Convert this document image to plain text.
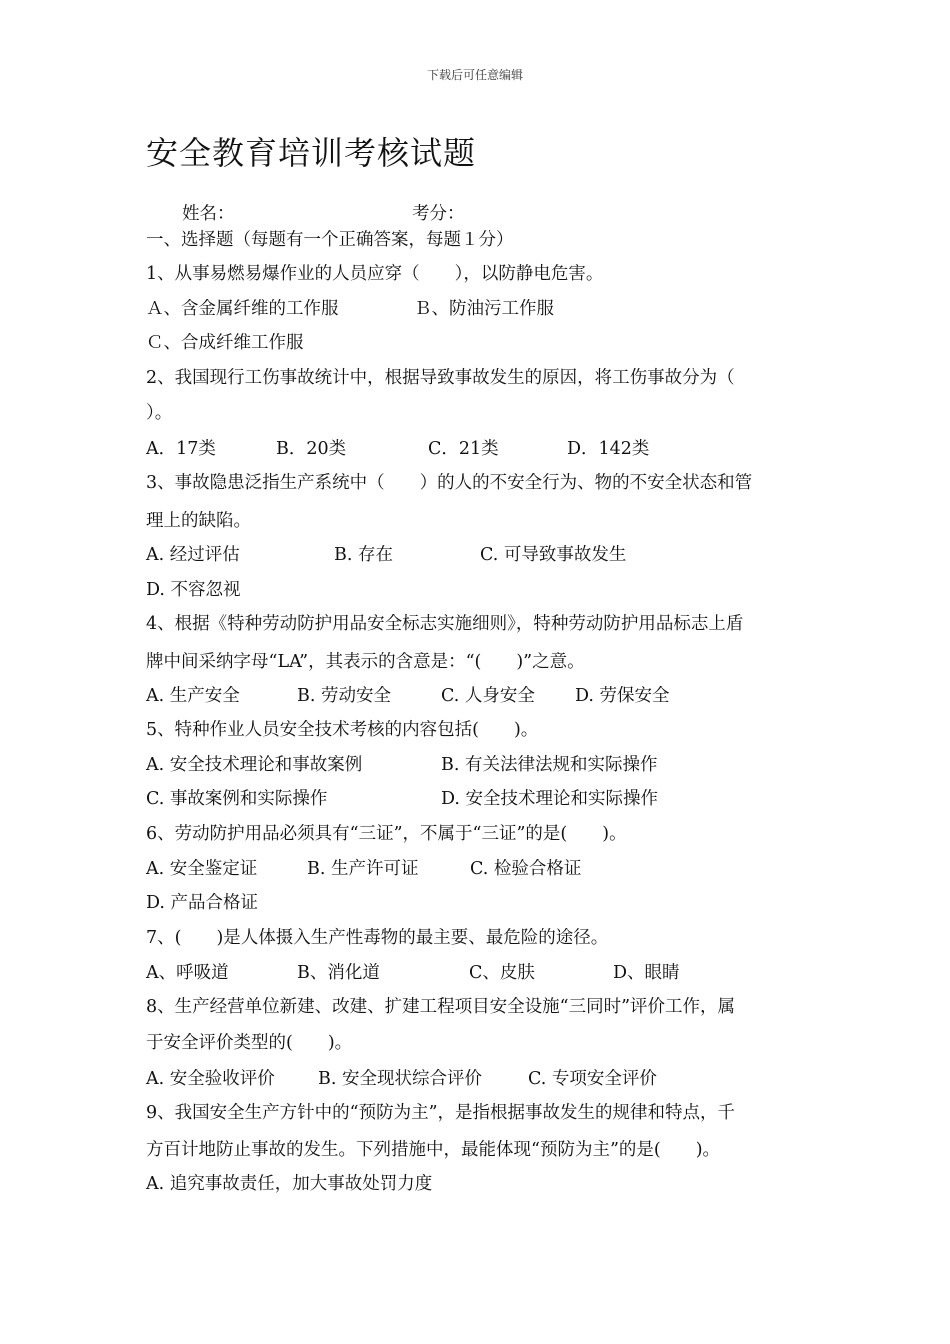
下载后可任意编辑
安全教育培训考核试题
姓名：	考分：
一、选择题（每题有一个正确答案，每题１分）
1、从事易燃易爆作业的人员应穿（　　），以防静电危害。
Ａ、含金属纤维的工作服	Ｂ、防油污工作服
Ｃ、合成纤维工作服
2、我国现行工伤事故统计中，根据导致事故发生的原因，将工伤事故分为（
）。
A．17类	B．20类	C．21类	D．142类
3、事故隐患泛指生产系统中（　　）的人的不安全行为、物的不安全状态和管
理上的缺陷。
A. 经过评估	B. 存在	C. 可导致事故发生
D. 不容忽视
4、根据《特种劳动防护用品安全标志实施细则》，特种劳动防护用品标志上盾
牌中间采纳字母“LA”，其表示的含意是：“(　　)”之意。
A. 生产安全	B. 劳动安全	C. 人身安全 D. 劳保安全
5、特种作业人员安全技术考核的内容包括(　　)。
A. 安全技术理论和事故案例	B. 有关法律法规和实际操作
C. 事故案例和实际操作	D. 安全技术理论和实际操作
6、劳动防护用品必须具有“三证”，不属于“三证”的是(　　)。
A. 安全鉴定证	B. 生产许可证	C. 检验合格证
D. 产品合格证
7、(　　)是人体摄入生产性毒物的最主要、最危险的途径。
A、呼吸道	B、消化道	C、皮肤	D、眼睛
8、生产经营单位新建、改建、扩建工程项目安全设施“三同时”评价工作，属
于安全评价类型的(　　)。
A. 安全验收评价 B. 安全现状综合评价	C. 专项安全评价
9、我国安全生产方针中的“预防为主”，是指根据事故发生的规律和特点，千
方百计地防止事故的发生。下列措施中，最能体现“预防为主”的是(　　)。
A. 追究事故责任，加大事故处罚力度
